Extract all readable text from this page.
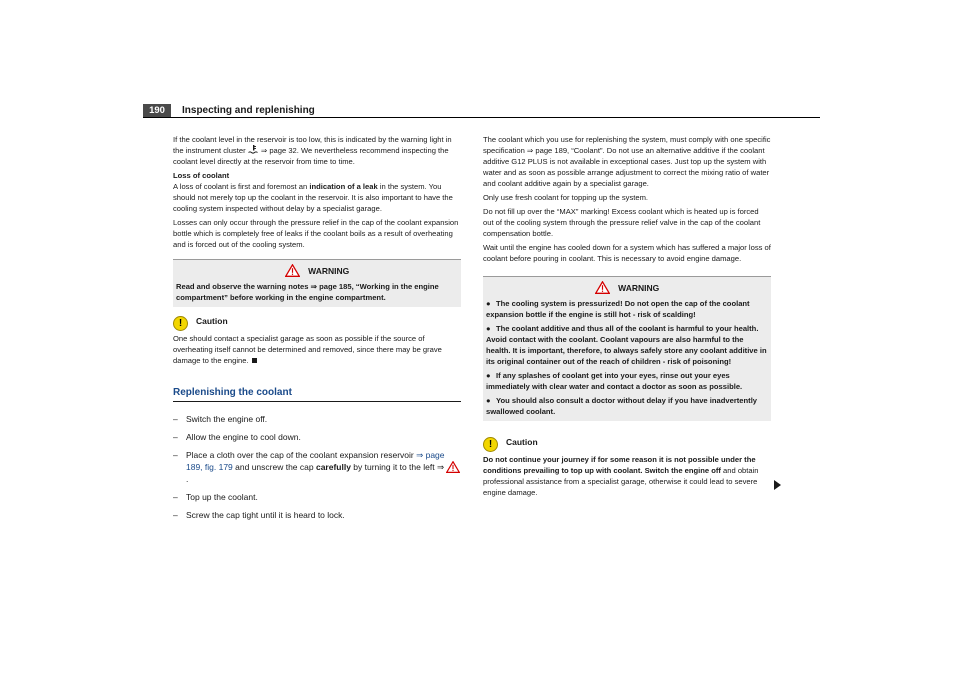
190	Inspecting and replenishing

If the coolant level in the reservoir is too low, this is indicated by the warning light in the instrument cluster ⇒ page 32. We nevertheless recommend inspecting the coolant level directly at the reservoir from time to time.

Loss of coolant

A loss of coolant is first and foremost an indication of a leak in the system. You should not merely top up the coolant in the reservoir. It is also important to have the cooling system inspected without delay by a specialist garage.

Losses can only occur through the pressure relief in the cap of the coolant expansion bottle which is completely free of leaks if the coolant boils as a result of overheating and is forced out of the cooling system.

WARNING
Read and observe the warning notes ⇒ page 185, “Working in the engine compartment” before working in the engine compartment.
! Caution

One should contact a specialist garage as soon as possible if the source of overheating itself cannot be determined and removed, since there may be grave damage to the engine.

Replenishing the coolant
– Switch the engine off.
– Allow the engine to cool down.
– Place a cloth over the cap of the coolant expansion reservoir ⇒ page 189, fig. 179 and unscrew the cap carefully by turning it to the left ⇒ .
– Top up the coolant.
– Screw the cap tight until it is heard to lock.

The coolant which you use for replenishing the system, must comply with one specific specification ⇒ page 189, “Coolant”. Do not use an alternative additive if the coolant additive G12 PLUS is not available in exceptional cases. Just top up the system with water and as soon as possible arrange adjustment to correct the mixing ratio of water and coolant additive again by a specialist garage.

Only use fresh coolant for topping up the system.

Do not fill up over the “MAX” marking! Excess coolant which is heated up is forced out of the cooling system through the pressure relief valve in the cap of the coolant compensation bottle.

Wait until the engine has cooled down for a system which has suffered a major loss of coolant before pouring in coolant. This is necessary to avoid engine damage.

WARNING
● The cooling system is pressurized! Do not open the cap of the coolant expansion bottle if the engine is still hot - risk of scalding!
● The coolant additive and thus all of the coolant is harmful to your health. Avoid contact with the coolant. Coolant vapours are also harmful to the health. It is important, therefore, to always safely store any coolant additive in its original container out of the reach of children - risk of poisoning!
● If any splashes of coolant get into your eyes, rinse out your eyes immediately with clear water and contact a doctor as soon as possible.
● You should also consult a doctor without delay if you have inadvertently swallowed coolant.
! Caution

Do not continue your journey if for some reason it is not possible under the conditions prevailing to top up with coolant. Switch the engine off and obtain professional assistance from a specialist garage, otherwise it could lead to severe engine damage.
